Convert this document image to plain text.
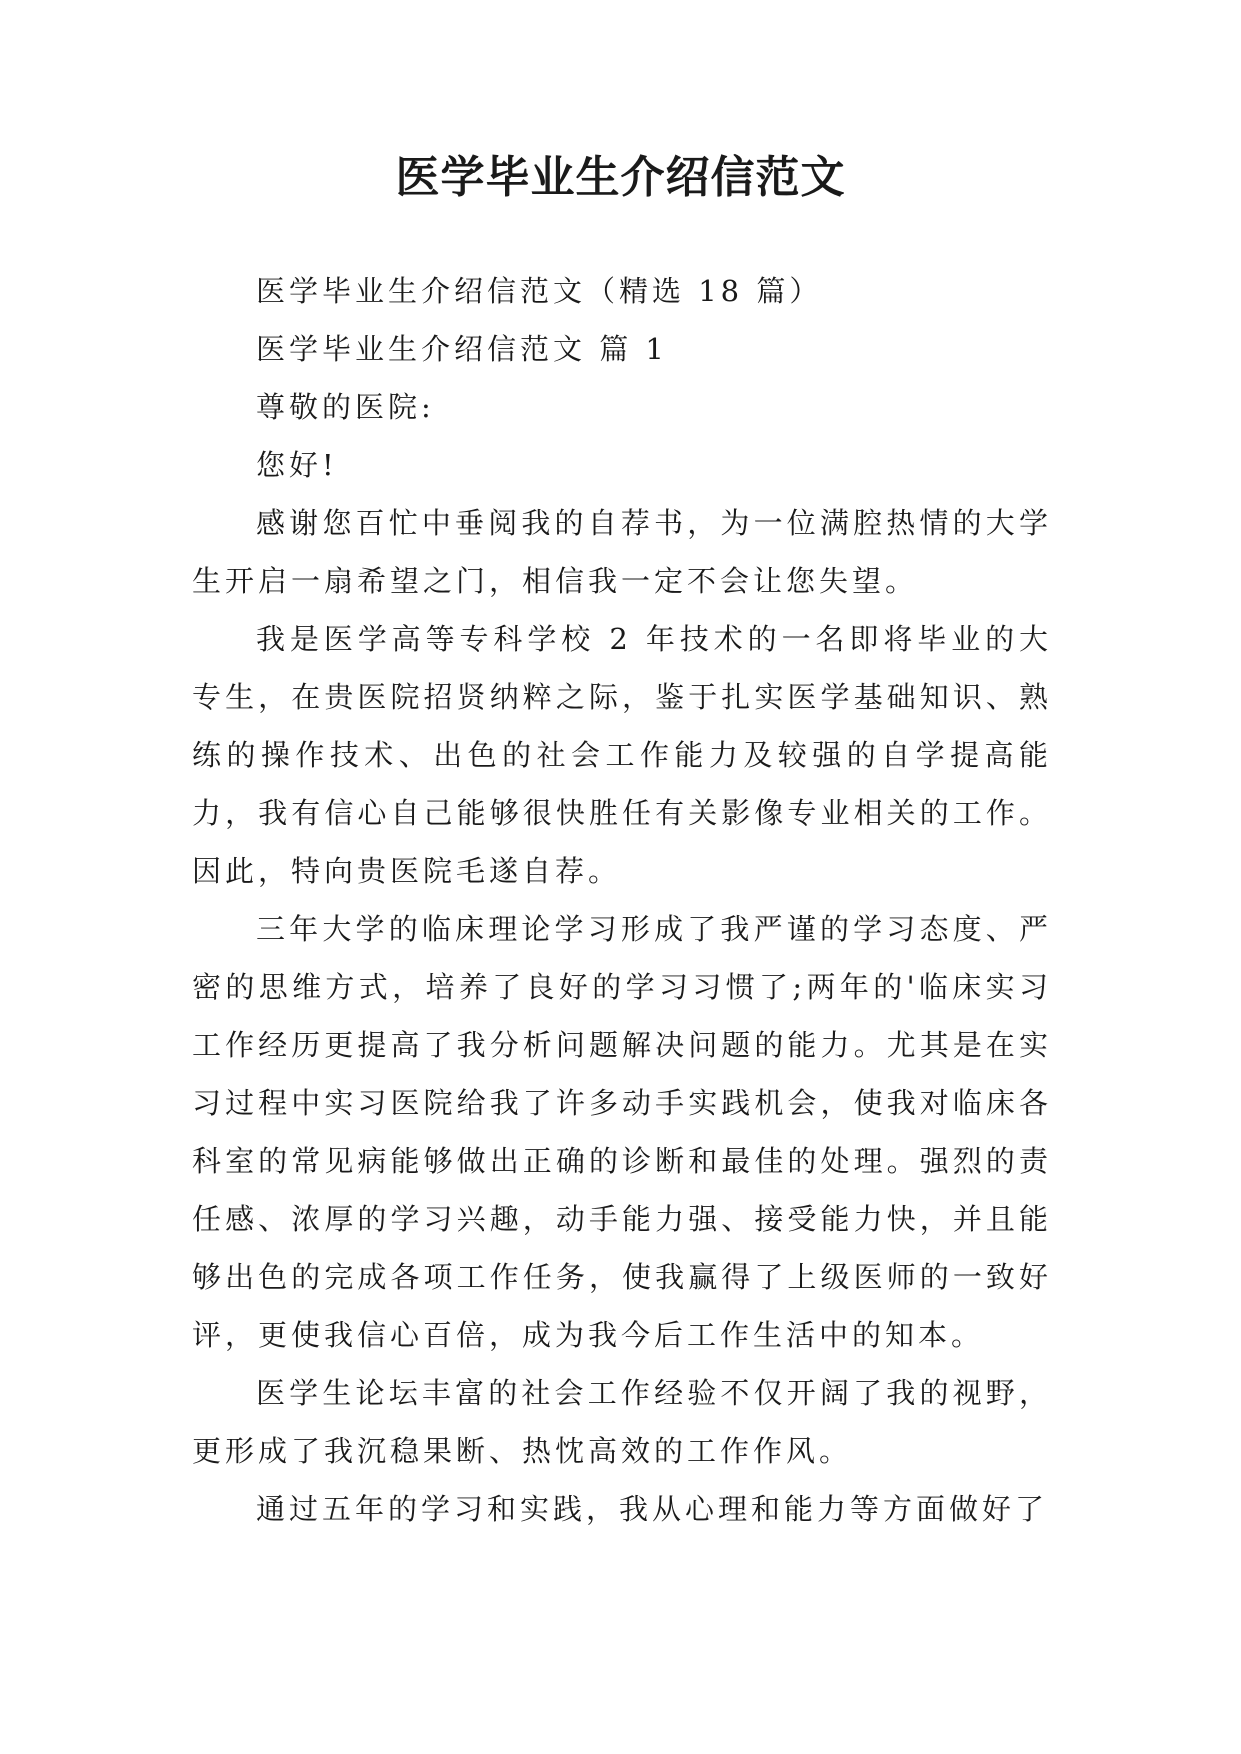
医学毕业生介绍信范文

医学毕业生介绍信范文（精选 18 篇）

医学毕业生介绍信范文 篇 1

尊敬的医院:

您好!

感谢您百忙中垂阅我的自荐书，为一位满腔热情的大学生开启一扇希望之门，相信我一定不会让您失望。

我是医学高等专科学校 2 年技术的一名即将毕业的大专生，在贵医院招贤纳粹之际，鉴于扎实医学基础知识、熟练的操作技术、出色的社会工作能力及较强的自学提高能力，我有信心自己能够很快胜任有关影像专业相关的工作。因此，特向贵医院毛遂自荐。

三年大学的临床理论学习形成了我严谨的学习态度、严密的思维方式，培养了良好的学习习惯了;两年的'临床实习工作经历更提高了我分析问题解决问题的能力。尤其是在实习过程中实习医院给我了许多动手实践机会，使我对临床各科室的常见病能够做出正确的诊断和最佳的处理。强烈的责任感、浓厚的学习兴趣，动手能力强、接受能力快，并且能够出色的完成各项工作任务，使我赢得了上级医师的一致好评，更使我信心百倍，成为我今后工作生活中的知本。

医学生论坛丰富的社会工作经验不仅开阔了我的视野，更形成了我沉稳果断、热忱高效的工作作风。

通过五年的学习和实践，我从心理和能力等方面做好了
